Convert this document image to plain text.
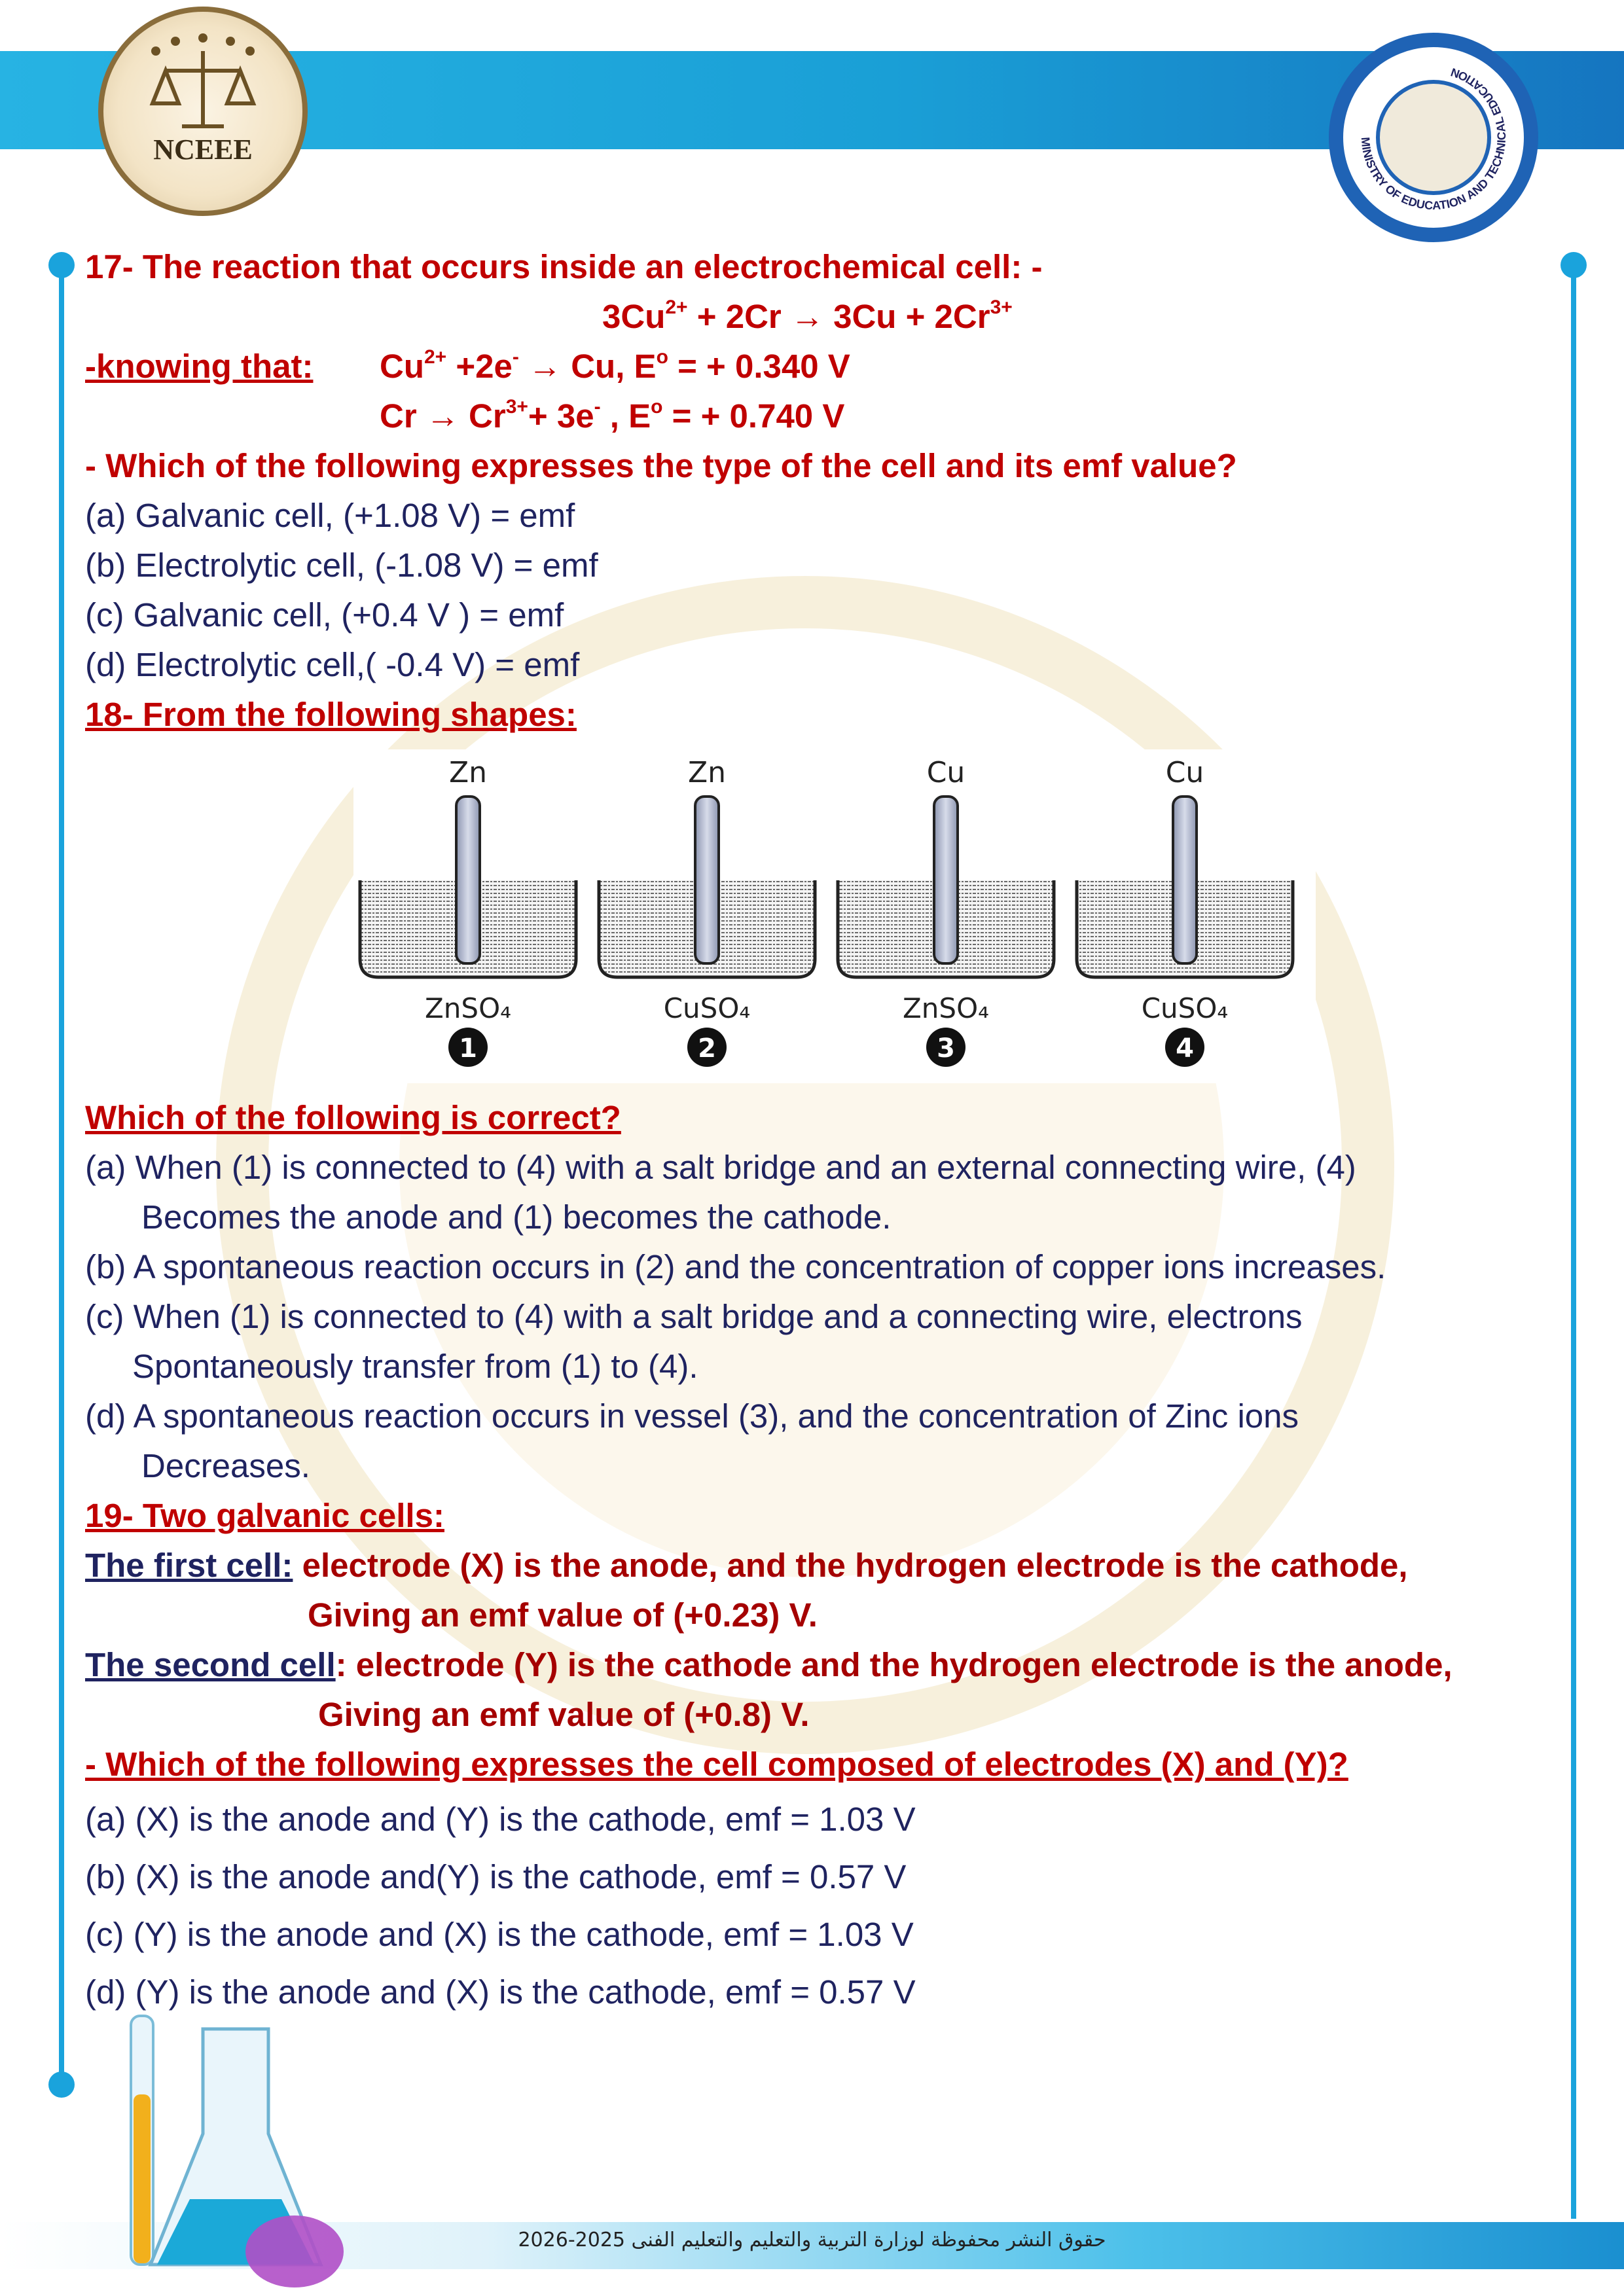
NCEEE	MINISTRY OF EDUCATION AND TECHNICAL EDUCATION
17- The reaction that occurs inside an electrochemical cell: -
$3Cu^{2+} + 2Cr \to 3Cu + 2Cr^{3+}$
-knowing that: $Cu^{2+} +2e^- \to Cu$, $E^o$ = + 0.340 V
$Cr \to Cr^{3+}+ 3e^-$ , $E^o$ = + 0.740 V
- Which of the following expresses the type of the cell and its emf value?
(a) Galvanic cell, (+1.08 V) = emf
(b) Electrolytic cell, (-1.08 V) = emf
(c) Galvanic cell, (+0.4 V ) = emf
(d) Electrolytic cell,( -0.4 V) = emf
18- From the following shapes:
Zn
ZnSO₄
1
Zn
CuSO₄
2
Cu
ZnSO₄
3
Cu
CuSO₄
4
Which of the following is correct?
(a) When (1) is connected to (4) with a salt bridge and an external connecting wire, (4)
Becomes the anode and (1) becomes the cathode.
(b) A spontaneous reaction occurs in (2) and the concentration of copper ions increases.
(c) When (1) is connected to (4) with a salt bridge and a connecting wire, electrons
Spontaneously transfer from (1) to (4).
(d) A spontaneous reaction occurs in vessel (3), and the concentration of Zinc ions
Decreases.
19- Two galvanic cells:
The first cell: electrode (X) is the anode, and the hydrogen electrode is the cathode,
Giving an emf value of (+0.23) V.
The second cell: electrode (Y) is the cathode and the hydrogen electrode is the anode,
Giving an emf value of (+0.8) V.
- Which of the following expresses the cell composed of electrodes (X) and (Y)?
(a) (X) is the anode and (Y) is the cathode, emf = 1.03 V
(b) (X) is the anode and(Y) is the cathode, emf = 0.57 V
(c) (Y) is the anode and (X) is the cathode, emf = 1.03 V
(d) (Y) is the anode and (X) is the cathode, emf = 0.57 V
حقوق النشر محفوظة لوزارة التربية والتعليم والتعليم الفنى 2025-2026
